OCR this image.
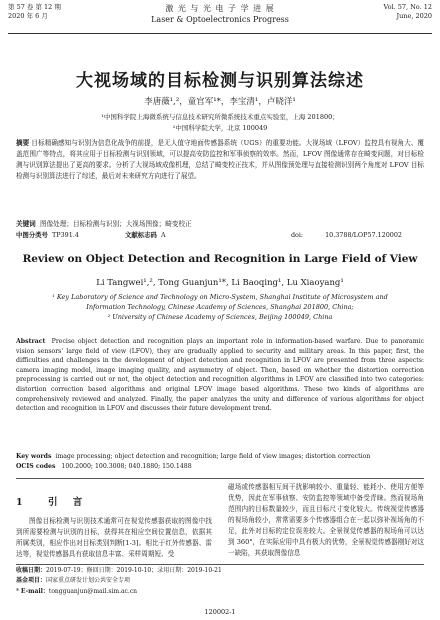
第 57 卷 第 12 期
2020 年 6 月
激 光 与 光 电 子 学 进 展
Laser & Optoelectronics Progress
Vol. 57, No. 12
June, 2020
大视场域的目标检测与识别算法综述
李唐薇¹,²，童官军¹*，李宝清¹，卢晓洋¹
¹中国科学院上海微系统与信息技术研究所微系统技术重点实验室，上海 201800；
²中国科学院大学，北京 100049
摘要 目标精确感知与识别为信息化战争的前提，是无人值守地面传感器系统（UGS）的重要功能。大视场域（LFOV）监控具有视角大、覆盖范围广等特点，将其应用于目标检测与识别领域，可以提高安防监控和军事侦察的效率。然而，LFOV 图像通常存在畸变问题，对目标检测与识别算法提出了更高的要求。分析了大视场域成像机理，总结了畸变校正技术，并从图像预处理与直接检测识别两个角度对 LFOV 目标检测与识别算法进行了综述，最后对未来研究方向进行了展望。
关键词 图像处理；目标检测与识别；大视场图像；畸变校正
中图分类号 TP391.4	文献标志码 A	doi:	10.3788/LOP57.120002
Review on Object Detection and Recognition in Large Field of View
Li Tangwei¹,², Tong Guanjun¹*, Li Baoqing¹, Lu Xiaoyang¹
¹ Key Laboratory of Science and Technology on Micro-System, Shanghai Institute of Microsystem and
Information Technology, Chinese Academy of Sciences, Shanghai 201800, China;
² University of Chinese Academy of Sciences, Beijing 100049, China
Abstract Precise object detection and recognition plays an important role in information-based warfare. Due to panoramic vision sensors' large field of view (LFOV), they are gradually applied to security and military areas. In this paper, first, the difficulties and challenges in the development of object detection and recognition in LFOV are presented from three aspects: camera imaging model, image imaging quality, and asymmetry of object. Then, based on whether the distortion correction preprocessing is carried out or not, the object detection and recognition algorithms in LFOV are classified into two categories: distortion correction based algorithms and original LFOV image based algorithms. These two kinds of algorithms are comprehensively reviewed and analyzed. Finally, the paper analyzes the unity and difference of various algorithms for object detection and recognition in LFOV and discusses their future development trend.
Key words image processing; object detection and recognition; large field of view images; distortion correction
OCIS codes 100.2000; 100.3008; 040.1880; 150.1488
1 引 言
图像目标检测与识别技术通常可在视觉传感器获取的图像中找到所需要检测与识别的目标，获得其在相应空间位置信息，依据其所属类别，相应作出对目标类别判断[1-3]。相比于红外传感器、雷达等，视觉传感器具有获取信息丰富、采样周期短、受
磁场或传感器相互间干扰影响较小、重量轻、能耗小、使用方便等优势，因此在军事侦察、安防监控等领域中备受青睐。然而视场角范围内的目标数量较少，而且目标尺寸变化较大。传统视觉传感器的视场角较小，常常需要多个传感器组合在一起以弥补视场角的不足，此外对目标的定位误差较大。全景视觉传感器的视场角可以达到 360°，在实际应用中具有极大的优势，全景视觉传感器刚好对这一缺陷，其获取图像信息
收稿日期：2019-07-19；修回日期：2019-10-10；录用日期：2019-10-21
基金项目：国家重点研发计划公共安全专项
* E-mail：tongguanjun@mail.sim.ac.cn
120002-1
